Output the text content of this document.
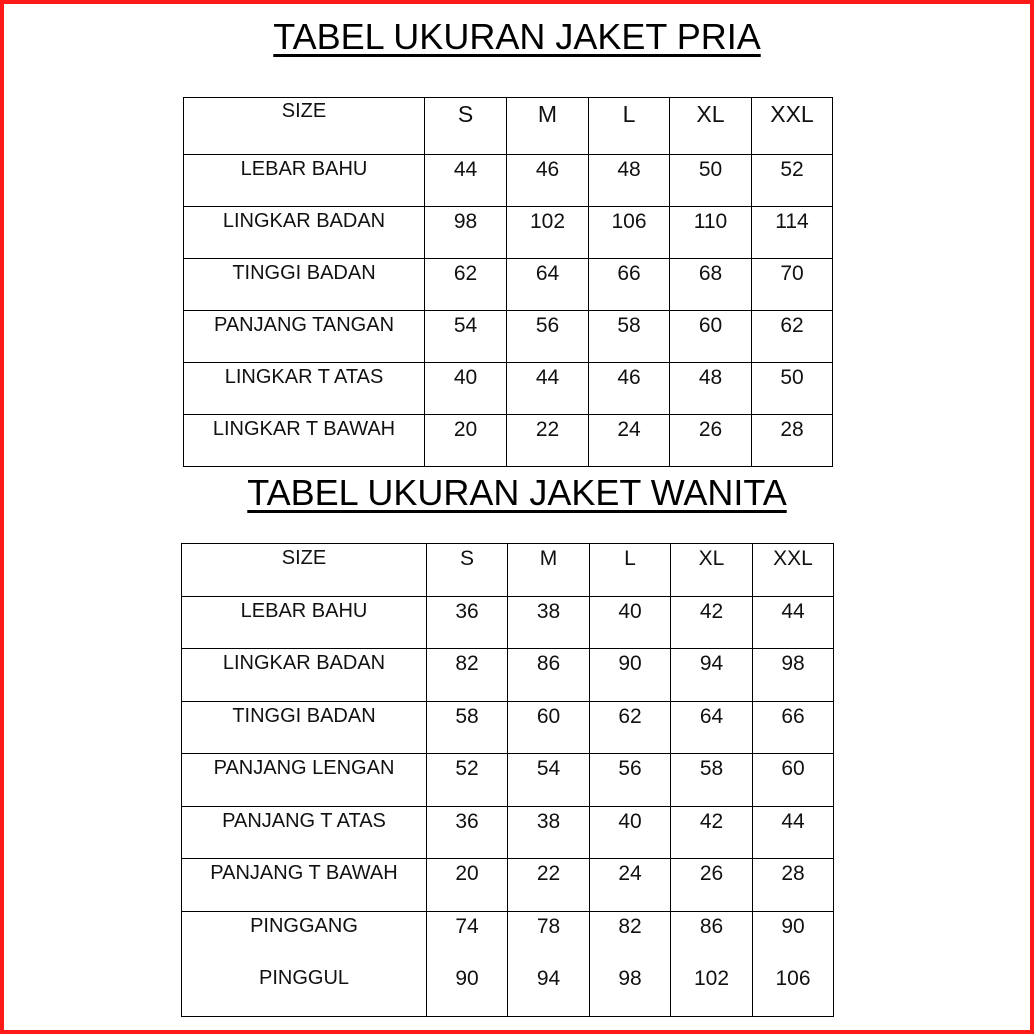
TABEL UKURAN JAKET PRIA
SIZE	S	M	L	XL	XXL
LEBAR BAHU	44	46	48	50	52
LINGKAR BADAN	98	102	106	110	114
TINGGI BADAN	62	64	66	68	70
PANJANG TANGAN	54	56	58	60	62
LINGKAR T ATAS	40	44	46	48	50
LINGKAR T BAWAH	20	22	24	26	28
TABEL UKURAN JAKET WANITA
SIZE	S	M	L	XL	XXL
LEBAR BAHU	36	38	40	42	44
LINGKAR BADAN	82	86	90	94	98
TINGGI BADAN	58	60	62	64	66
PANJANG LENGAN	52	54	56	58	60
PANJANG T ATAS	36	38	40	42	44
PANJANG T BAWAH	20	22	24	26	28
PINGGANG	74	78	82	86	90
PINGGUL	90	94	98	102	106
